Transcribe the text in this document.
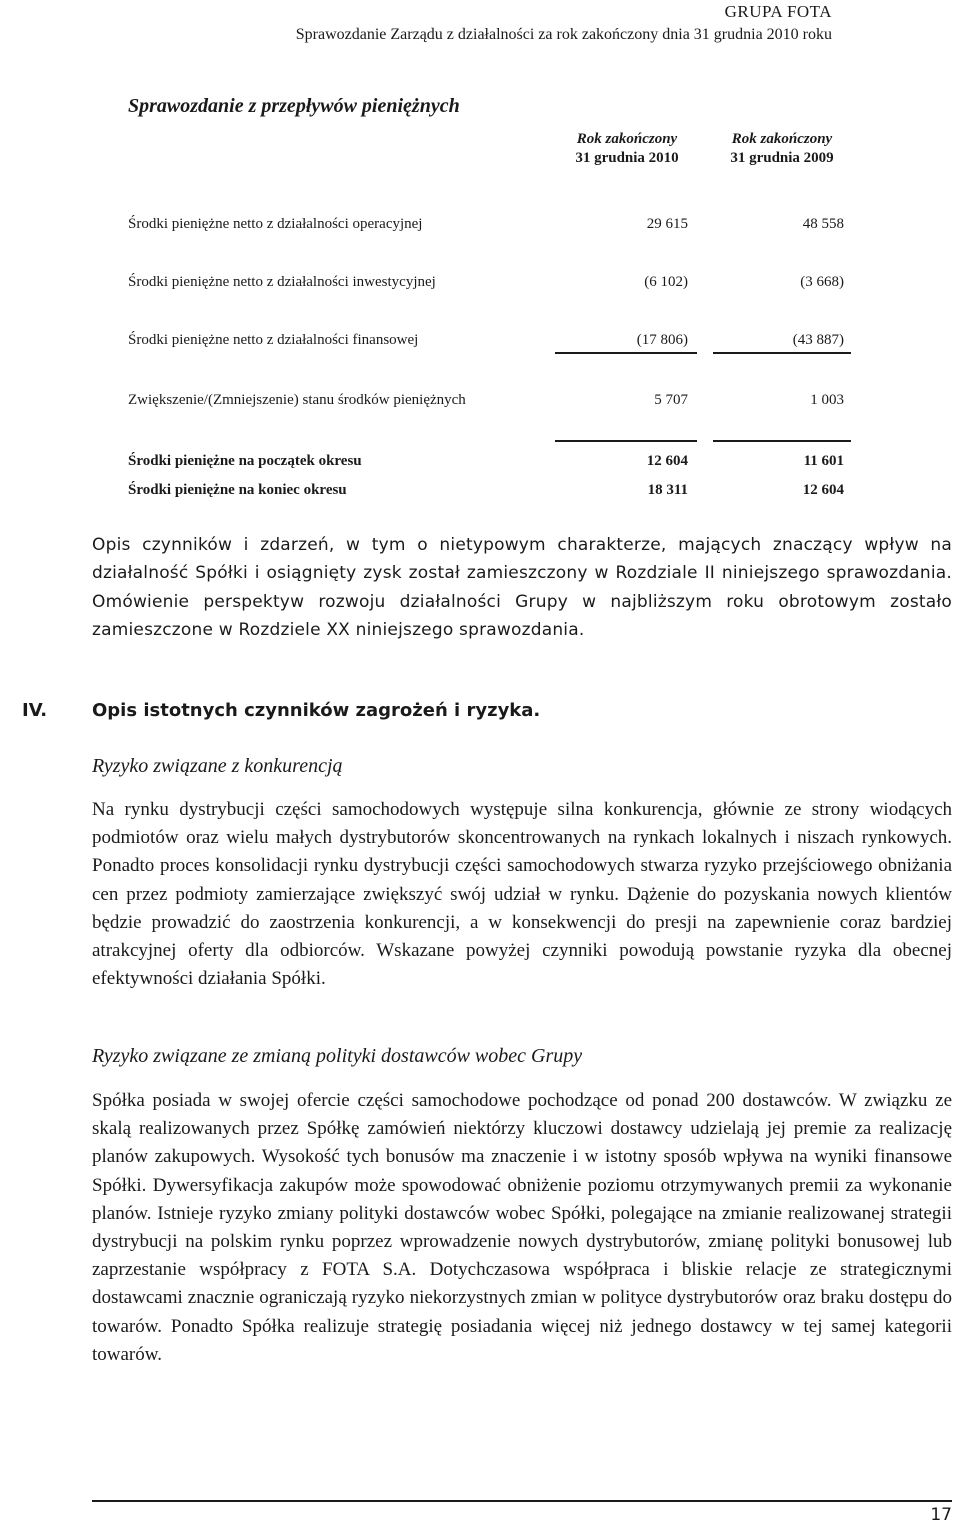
GRUPA FOTA
Sprawozdanie Zarządu z działalności za rok zakończony dnia 31 grudnia 2010 roku
Sprawozdanie z przepływów pieniężnych
Rok zakończony
31 grudnia 2010
Rok zakończony
31 grudnia 2009
Środki pieniężne netto z działalności operacyjnej	29 615	48 558
Środki pieniężne netto z działalności inwestycyjnej	(6 102)	(3 668)
Środki pieniężne netto z działalności finansowej	(17 806)	(43 887)
Zwiększenie/(Zmniejszenie) stanu środków pieniężnych	5 707	1 003
Środki pieniężne na początek okresu	12 604	11 601
Środki pieniężne na koniec okresu	18 311	12 604

Opis czynników i zdarzeń, w tym o nietypowym charakterze, mających znaczący wpływ na działalność Spółki i osiągnięty zysk został zamieszczony w Rozdziale II niniejszego sprawozdania. Omówienie perspektyw rozwoju działalności Grupy w najbliższym roku obrotowym zostało zamieszczone w Rozdziele XX niniejszego sprawozdania.

IV. Opis istotnych czynników zagrożeń i ryzyka.
Ryzyko związane z konkurencją

Na rynku dystrybucji części samochodowych występuje silna konkurencja, głównie ze strony wiodących podmiotów oraz wielu małych dystrybutorów skoncentrowanych na rynkach lokalnych i niszach rynkowych. Ponadto proces konsolidacji rynku dystrybucji części samochodowych stwarza ryzyko przejściowego obniżania cen przez podmioty zamierzające zwiększyć swój udział w rynku. Dążenie do pozyskania nowych klientów będzie prowadzić do zaostrzenia konkurencji, a w konsekwencji do presji na zapewnienie coraz bardziej atrakcyjnej oferty dla odbiorców. Wskazane powyżej czynniki powodują powstanie ryzyka dla obecnej efektywności działania Spółki.

Ryzyko związane ze zmianą polityki dostawców wobec Grupy

Spółka posiada w swojej ofercie części samochodowe pochodzące od ponad 200 dostawców. W związku ze skalą realizowanych przez Spółkę zamówień niektórzy kluczowi dostawcy udzielają jej premie za realizację planów zakupowych. Wysokość tych bonusów ma znaczenie i w istotny sposób wpływa na wyniki finansowe Spółki. Dywersyfikacja zakupów może spowodować obniżenie poziomu otrzymywanych premii za wykonanie planów. Istnieje ryzyko zmiany polityki dostawców wobec Spółki, polegające na zmianie realizowanej strategii dystrybucji na polskim rynku poprzez wprowadzenie nowych dystrybutorów, zmianę polityki bonusowej lub zaprzestanie współpracy z FOTA S.A. Dotychczasowa współpraca i bliskie relacje ze strategicznymi dostawcami znacznie ograniczają ryzyko niekorzystnych zmian w polityce dystrybutorów oraz braku dostępu do towarów. Ponadto Spółka realizuje strategię posiadania więcej niż jednego dostawcy w tej samej kategorii towarów.

17
